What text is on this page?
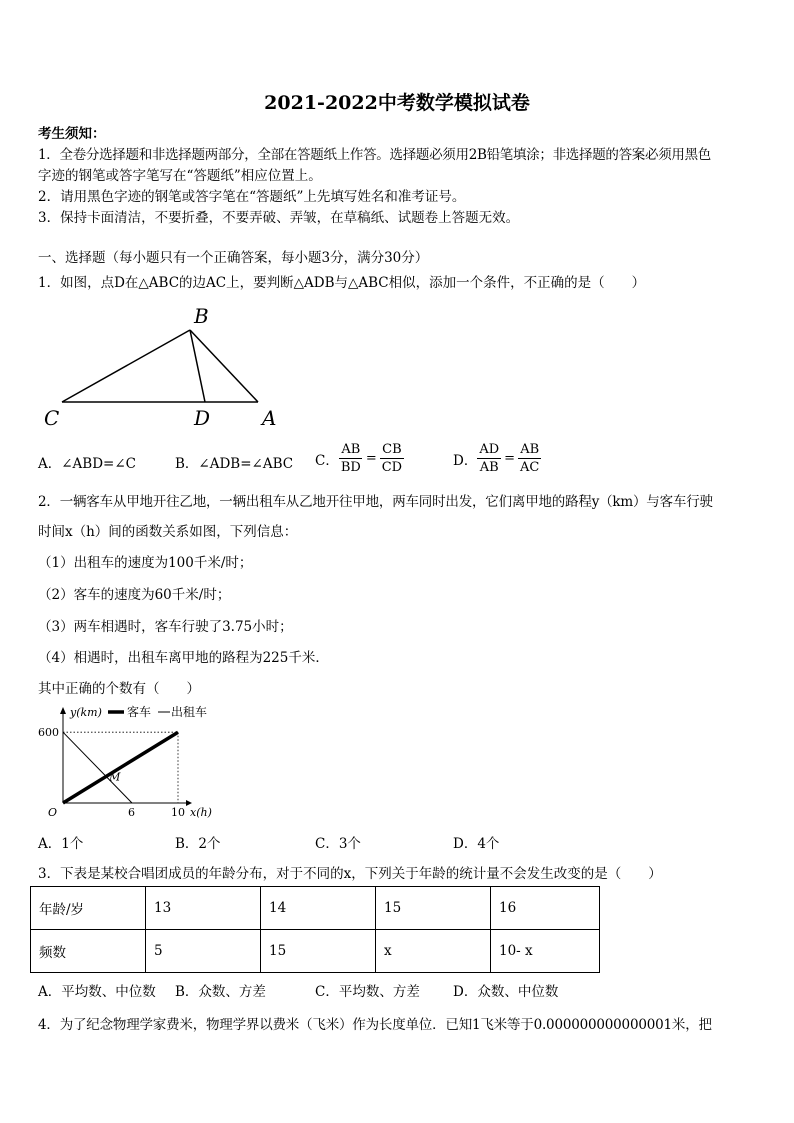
2021-2022中考数学模拟试卷
考生须知：
1．全卷分选择题和非选择题两部分，全部在答题纸上作答。选择题必须用2B铅笔填涂；非选择题的答案必须用黑色
字迹的钢笔或答字笔写在“答题纸”相应位置上。
2．请用黑色字迹的钢笔或答字笔在“答题纸”上先填写姓名和准考证号。
3．保持卡面清洁，不要折叠，不要弄破、弄皱，在草稿纸、试题卷上答题无效。
一、选择题（每小题只有一个正确答案，每小题3分，满分30分）
1．如图，点D在△ABC的边AC上，要判断△ADB与△ABC相似，添加一个条件，不正确的是（　　）
B
C	D	A
A．∠ABD=∠C	B．∠ADB=∠ABC C． $\frac{AB}{BD} = \frac{CB}{CD}$	D． $\frac{AD}{AB} = \frac{AB}{AC}$
2．一辆客车从甲地开往乙地，一辆出租车从乙地开往甲地，两车同时出发，它们离甲地的路程y（km）与客车行驶
时间x（h）间的函数关系如图，下列信息：
（1）出租车的速度为100千米/时；
（2）客车的速度为60千米/时；
（3）两车相遇时，客车行驶了3.75小时；
（4）相遇时，出租车离甲地的路程为225千米．
其中正确的个数有（　　）
y(km)
x(h)
O
M
6	10
600
客车 出租车
A．1个	B．2个	C．3个	D．4个
3．下表是某校合唱团成员的年龄分布，对于不同的x，下列关于年龄的统计量不会发生改变的是（　　）
年龄/岁	13	14	15	16
频数	5	15	x	10- x
A．平均数、中位数 B．众数、方差	C．平均数、方差 D．众数、中位数
4．为了纪念物理学家费米，物理学界以费米（飞米）作为长度单位．已知1飞米等于0.000000000000001米，把
